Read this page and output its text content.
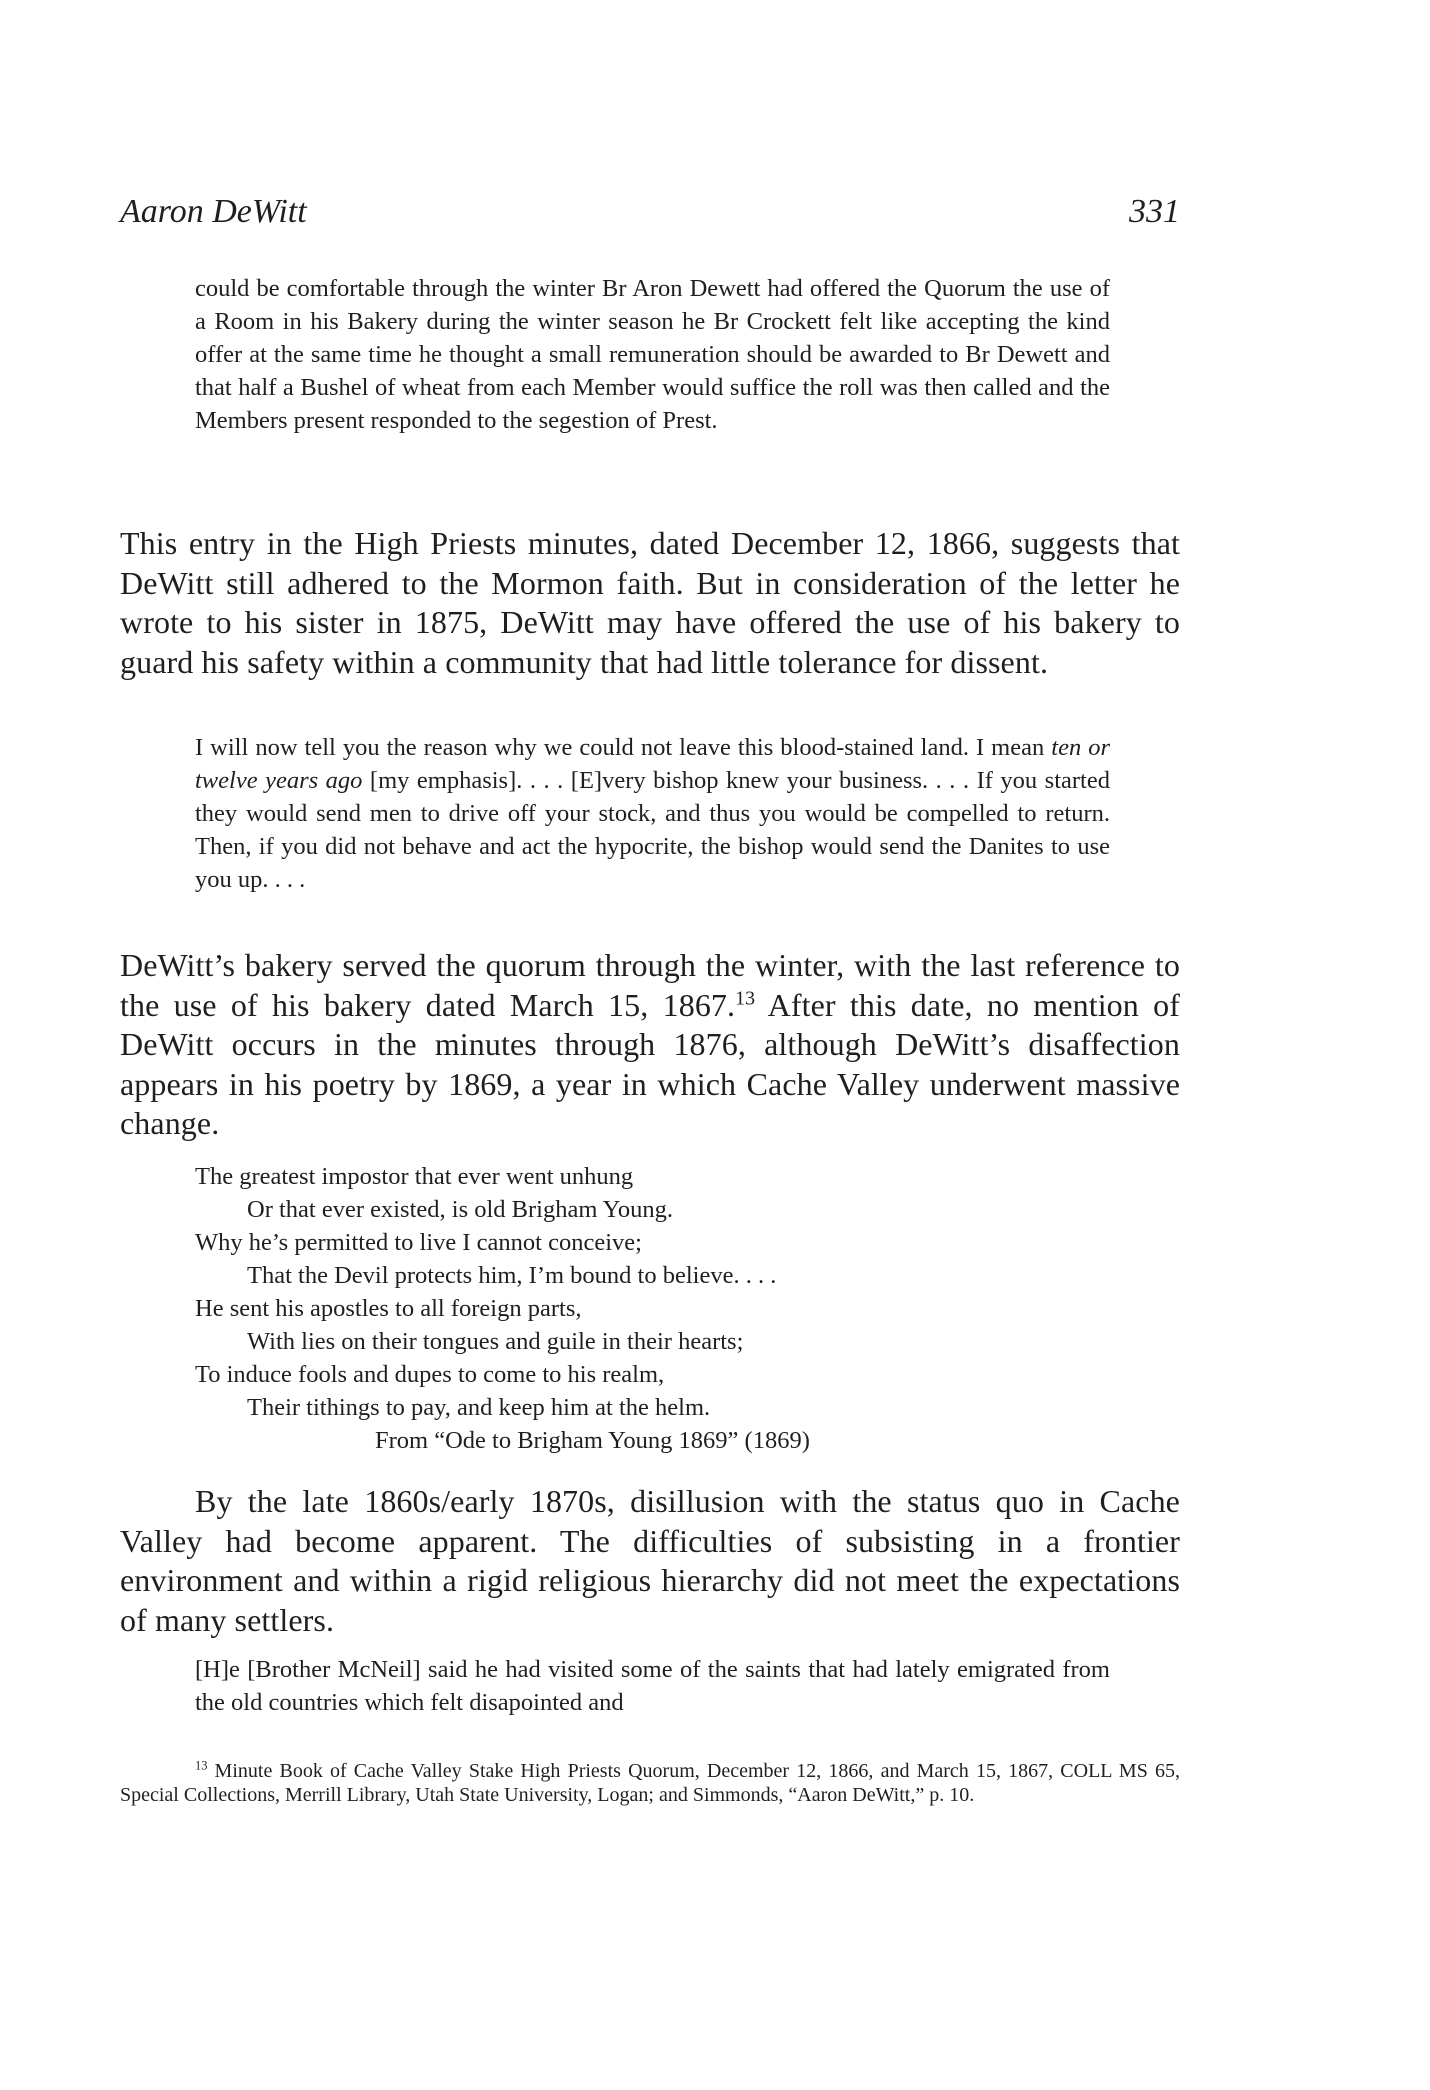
Aaron DeWitt	331
could be comfortable through the winter Br Aron Dewett had offered the Quorum the use of a Room in his Bakery during the winter season he Br Crockett felt like accepting the kind offer at the same time he thought a small remuneration should be awarded to Br Dewett and that half a Bushel of wheat from each Member would suffice the roll was then called and the Members present responded to the segestion of Prest.
This entry in the High Priests minutes, dated December 12, 1866, suggests that DeWitt still adhered to the Mormon faith. But in consideration of the letter he wrote to his sister in 1875, DeWitt may have offered the use of his bakery to guard his safety within a community that had little tolerance for dissent.
I will now tell you the reason why we could not leave this blood-stained land. I mean ten or twelve years ago [my emphasis]. . . . [E]very bishop knew your business. . . . If you started they would send men to drive off your stock, and thus you would be compelled to return. Then, if you did not behave and act the hypocrite, the bishop would send the Danites to use you up. . . .
DeWitt’s bakery served the quorum through the winter, with the last reference to the use of his bakery dated March 15, 1867.13 After this date, no mention of DeWitt occurs in the minutes through 1876, although DeWitt’s disaffection appears in his poetry by 1869, a year in which Cache Valley underwent massive change.
The greatest impostor that ever went unhung
Or that ever existed, is old Brigham Young.
Why he’s permitted to live I cannot conceive;
That the Devil protects him, I’m bound to believe. . . .
He sent his apostles to all foreign parts,
With lies on their tongues and guile in their hearts;
To induce fools and dupes to come to his realm,
Their tithings to pay, and keep him at the helm.
From “Ode to Brigham Young 1869” (1869)
By the late 1860s/early 1870s, disillusion with the status quo in Cache Valley had become apparent. The difficulties of subsisting in a frontier environment and within a rigid religious hierarchy did not meet the expectations of many settlers.
[H]e [Brother McNeil] said he had visited some of the saints that had lately emigrated from the old countries which felt disapointed and
$^{13}$ Minute Book of Cache Valley Stake High Priests Quorum, December 12, 1866, and March 15, 1867, COLL MS 65, Special Collections, Merrill Library, Utah State University, Logan; and Simmonds, “Aaron DeWitt,” p. 10.
